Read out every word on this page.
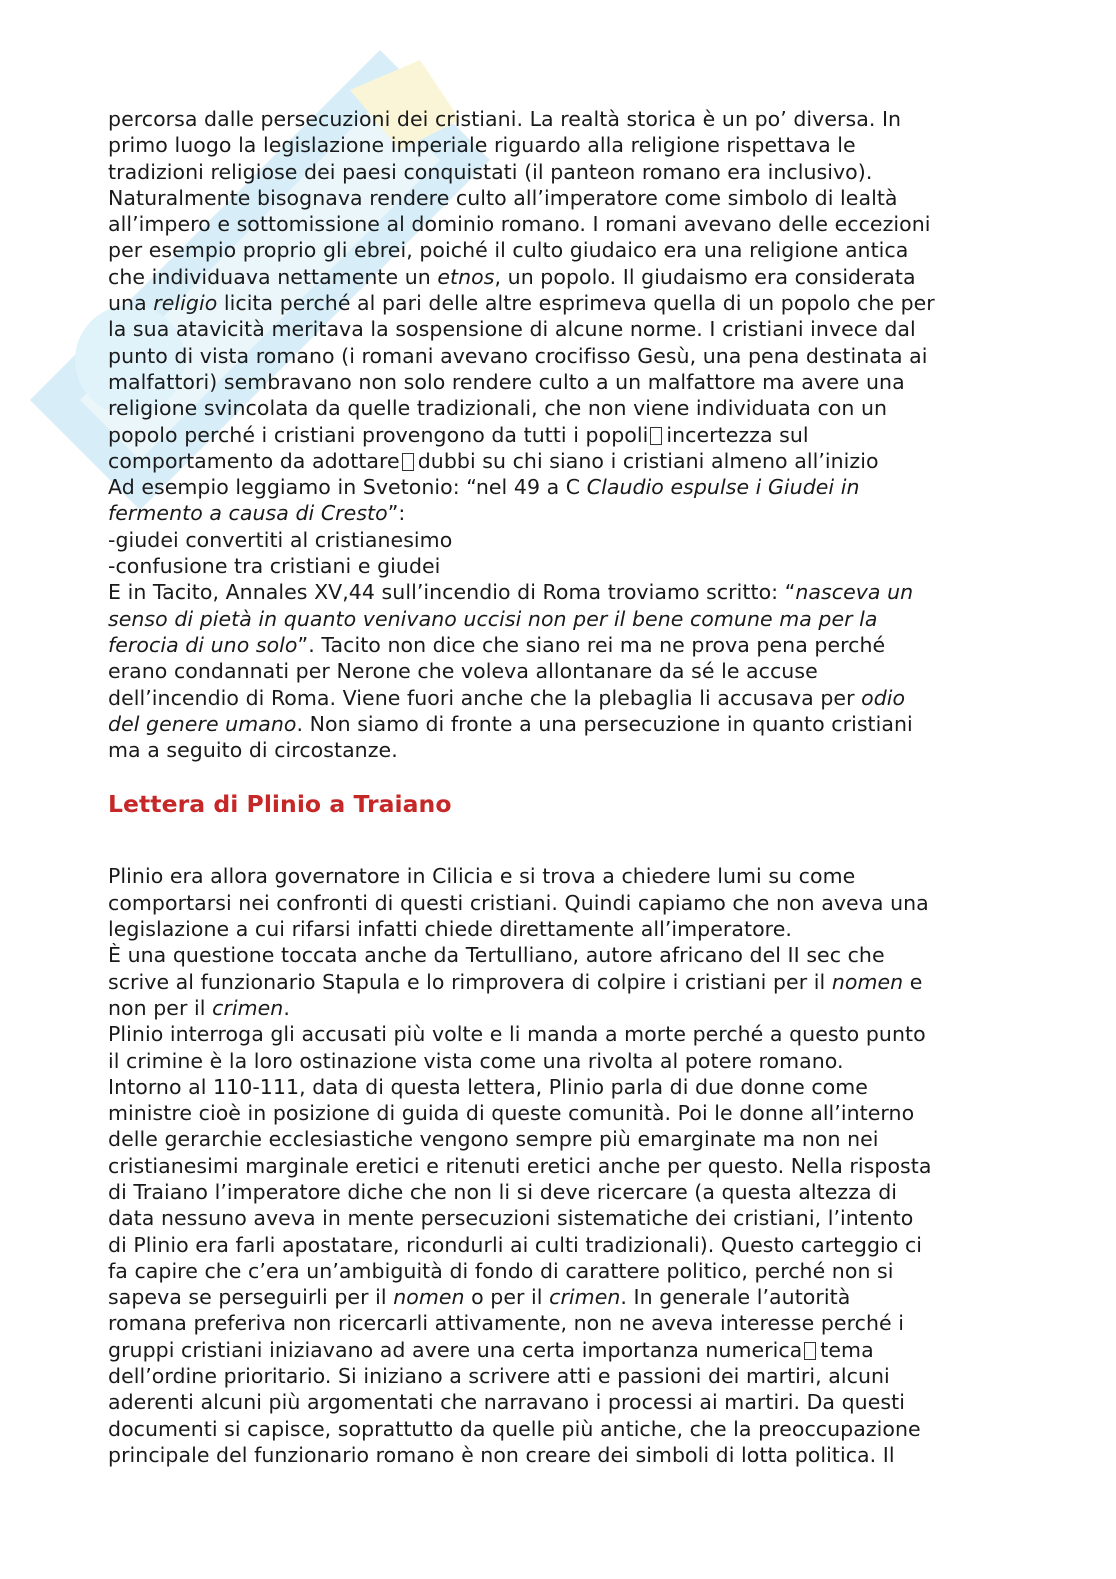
percorsa dalle persecuzioni dei cristiani. La realtà storica è un po’ diversa. In

primo luogo la legislazione imperiale riguardo alla religione rispettava le

tradizioni religiose dei paesi conquistati (il panteon romano era inclusivo).

Naturalmente bisognava rendere culto all’imperatore come simbolo di lealtà

all’impero e sottomissione al dominio romano. I romani avevano delle eccezioni

per esempio proprio gli ebrei, poiché il culto giudaico era una religione antica

che individuava nettamente un etnos, un popolo. Il giudaismo era considerata

una religio licita perché al pari delle altre esprimeva quella di un popolo che per

la sua atavicità meritava la sospensione di alcune norme. I cristiani invece dal

punto di vista romano (i romani avevano crocifisso Gesù, una pena destinata ai

malfattori) sembravano non solo rendere culto a un malfattore ma avere una

religione svincolata da quelle tradizionali, che non viene individuata con un

popolo perché i cristiani provengono da tutti i popoli incertezza sul

comportamento da adottare dubbi su chi siano i cristiani almeno all’inizio

Ad esempio leggiamo in Svetonio: “nel 49 a C Claudio espulse i Giudei in

fermento a causa di Cresto”:

-giudei convertiti al cristianesimo

-confusione tra cristiani e giudei

E in Tacito, Annales XV,44 sull’incendio di Roma troviamo scritto: “nasceva un

senso di pietà in quanto venivano uccisi non per il bene comune ma per la

ferocia di uno solo”. Tacito non dice che siano rei ma ne prova pena perché

erano condannati per Nerone che voleva allontanare da sé le accuse

dell’incendio di Roma. Viene fuori anche che la plebaglia li accusava per odio

del genere umano. Non siamo di fronte a una persecuzione in quanto cristiani

ma a seguito di circostanze.

Lettera di Plinio a Traiano

Plinio era allora governatore in Cilicia e si trova a chiedere lumi su come

comportarsi nei confronti di questi cristiani. Quindi capiamo che non aveva una

legislazione a cui rifarsi infatti chiede direttamente all’imperatore.

È una questione toccata anche da Tertulliano, autore africano del II sec che

scrive al funzionario Stapula e lo rimprovera di colpire i cristiani per il nomen e

non per il crimen.

Plinio interroga gli accusati più volte e li manda a morte perché a questo punto

il crimine è la loro ostinazione vista come una rivolta al potere romano.

Intorno al 110-111, data di questa lettera, Plinio parla di due donne come

ministre cioè in posizione di guida di queste comunità. Poi le donne all’interno

delle gerarchie ecclesiastiche vengono sempre più emarginate ma non nei

cristianesimi marginale eretici e ritenuti eretici anche per questo. Nella risposta

di Traiano l’imperatore diche che non li si deve ricercare (a questa altezza di

data nessuno aveva in mente persecuzioni sistematiche dei cristiani, l’intento

di Plinio era farli apostatare, ricondurli ai culti tradizionali). Questo carteggio ci

fa capire che c’era un’ambiguità di fondo di carattere politico, perché non si

sapeva se perseguirli per il nomen o per il crimen. In generale l’autorità

romana preferiva non ricercarli attivamente, non ne aveva interesse perché i

gruppi cristiani iniziavano ad avere una certa importanza numerica tema

dell’ordine prioritario. Si iniziano a scrivere atti e passioni dei martiri, alcuni

aderenti alcuni più argomentati che narravano i processi ai martiri. Da questi

documenti si capisce, soprattutto da quelle più antiche, che la preoccupazione

principale del funzionario romano è non creare dei simboli di lotta politica. Il
